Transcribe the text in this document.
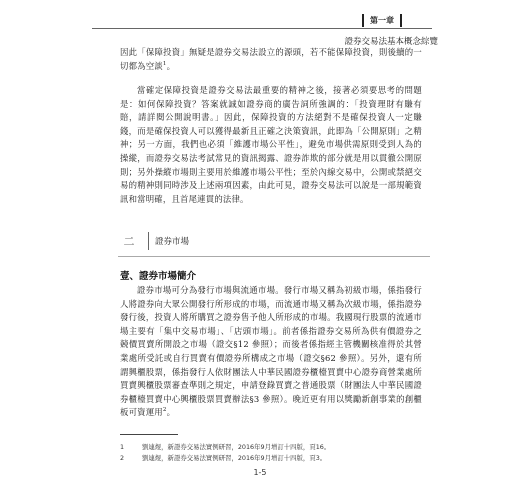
第一章
證券交易法基本概念綜覽

因此「保障投資」無疑是證券交易法設立的源頭，若不能保障投資，則後續的一切都為空談$^1$。

當確定保障投資是證券交易法最重要的精神之後，接著必須要思考的問題是：如何保障投資？答案就誠如證券商的廣告詞所強調的：「投資理財有賺有賠，請詳閱公開說明書。」因此，保障投資的方法絕對不是確保投資人一定賺錢，而是確保投資人可以獲得最新且正確之決策資訊，此即為「公開原則」之精神；另一方面，我們也必須「維護市場公平性」，避免市場供需原則受到人為的操縱，而證券交易法考試常見的資訊揭露、證券詐欺的部分就是用以貫徹公開原則；另外操縱市場則主要用於維護市場公平性；至於內線交易中，公開或禁絕交易的精神則同時涉及上述兩項因素，由此可見，證券交易法可以說是一部規範資訊和當明確，且首尾連貫的法律。

二	證券市場
壹、證券市場簡介

證券市場可分為發行市場與流通市場。發行市場又稱為初級市場，係指發行人將證券向大眾公開發行所形成的市場，而流通市場又稱為次級市場，係指證券發行後，投資人將所購買之證券售予他人所形成的市場。我國現行股票的流通市場主要有「集中交易市場」、「店頭市場」。前者係指證券交易所為供有價證券之競價買賣所開設之市場（證交§12 參照）；而後者係指經主管機關核准得於其營業處所受託或自行買賣有價證券所構成之市場（證交§62 參照）。另外，還有所謂興櫃股票，係指發行人依財團法人中華民國證券櫃檯買賣中心證券商營業處所買賣興櫃股票審查準則之規定，申請登錄買賣之普通股票（財團法人中華民國證券櫃檯買賣中心興櫃股票買賣辦法§3 參照）。晚近更有用以獎勵新創事業的創櫃板可資運用$^2$。

1	劉連煜，新證券交易法實例研習，2016年9月增訂十四版，頁16。
2	劉連煜，新證券交易法實例研習，2016年9月增訂十四版，頁3。
1-5
